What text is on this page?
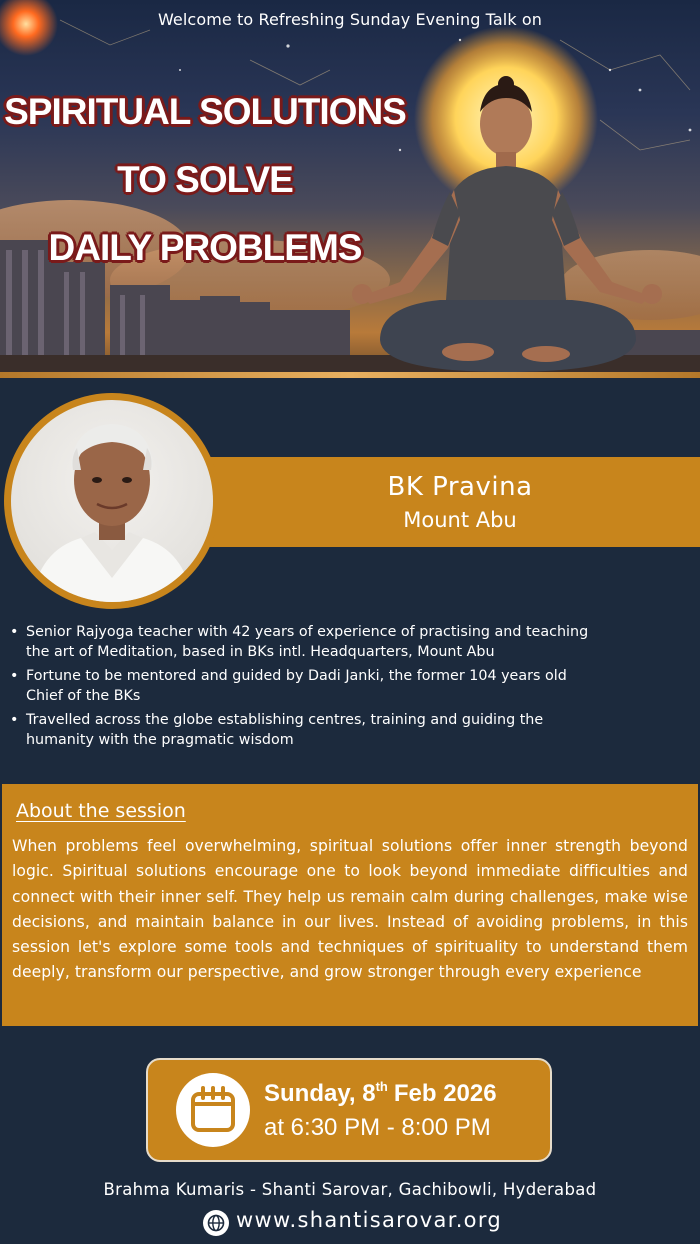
Welcome to Refreshing Sunday Evening Talk on
SPIRITUAL SOLUTIONS
TO SOLVE
DAILY PROBLEMS
BK Pravina
Mount Abu
• Senior Rajyoga teacher with 42 years of experience of practising and teaching the art of Meditation, based in BKs intl. Headquarters, Mount Abu
• Fortune to be mentored and guided by Dadi Janki, the former 104 years old Chief of the BKs
• Travelled across the globe establishing centres, training and guiding the humanity with the pragmatic wisdom
About the session

When problems feel overwhelming, spiritual solutions offer inner strength beyond logic. Spiritual solutions encourage one to look beyond immediate difficulties and connect with their inner self. They help us remain calm during challenges, make wise decisions, and maintain balance in our lives. Instead of avoiding problems, in this session let's explore some tools and techniques of spirituality to understand them deeply, transform our perspective, and grow stronger through every experience

Sunday, 8th Feb 2026
at 6:30 PM - 8:00 PM
Brahma Kumaris - Shanti Sarovar, Gachibowli, Hyderabad
www.shantisarovar.org
